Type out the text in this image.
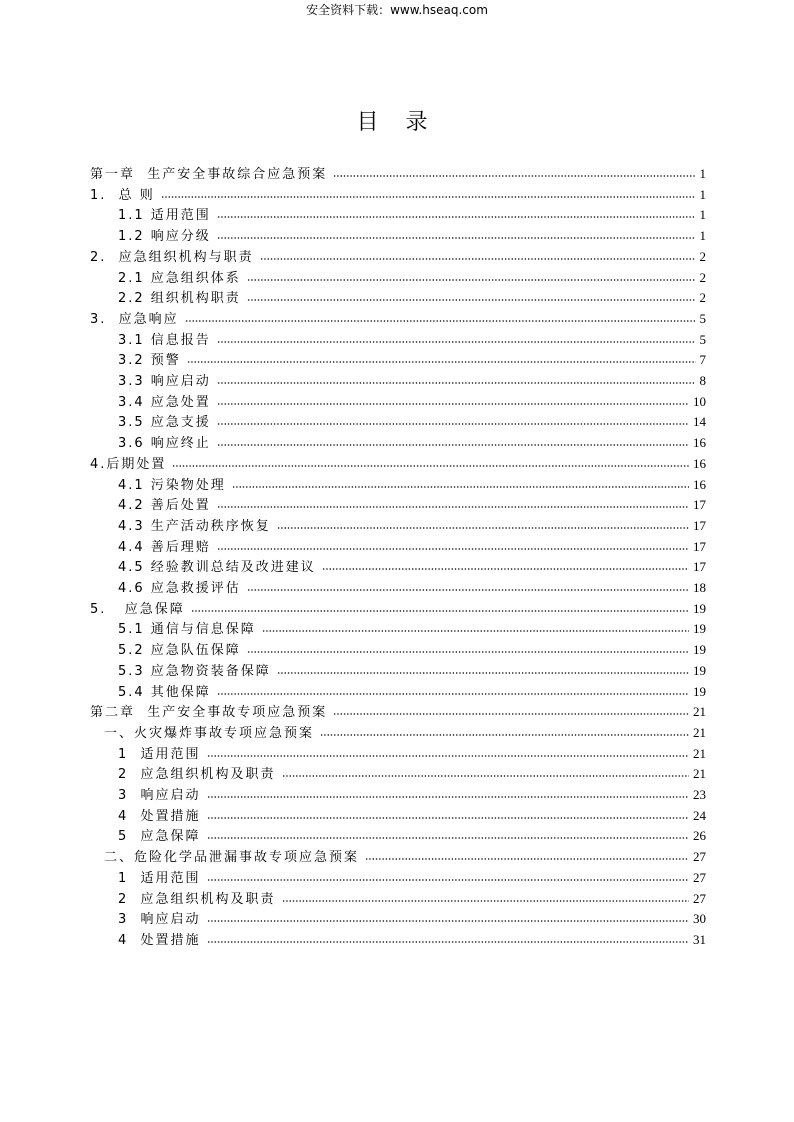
安全资料下载：www.hseaq.com
目 录
第一章  生产安全事故综合应急预案	1
1.  总 则	1
1.1 适用范围	1
1.2 响应分级	1
2.  应急组织机构与职责	2
2.1 应急组织体系	2
2.2 组织机构职责	2
3.  应急响应	5
3.1 信息报告	5
3.2 预警	7
3.3 响应启动	8
3.4 应急处置	10
3.5 应急支援	14
3.6 响应终止	16
4.后期处置	16
4.1 污染物处理	16
4.2 善后处置	17
4.3 生产活动秩序恢复	17
4.4 善后理赔	17
4.5 经验教训总结及改进建议	17
4.6 应急救援评估	18
5.   应急保障	19
5.1 通信与信息保障	19
5.2 应急队伍保障	19
5.3 应急物资装备保障	19
5.4 其他保障	19
第二章  生产安全事故专项应急预案	21
一、火灾爆炸事故专项应急预案	21
1  适用范围	21
2  应急组织机构及职责	21
3  响应启动	23
4  处置措施	24
5  应急保障	26
二、危险化学品泄漏事故专项应急预案	27
1  适用范围	27
2  应急组织机构及职责	27
3  响应启动	30
4  处置措施	31
